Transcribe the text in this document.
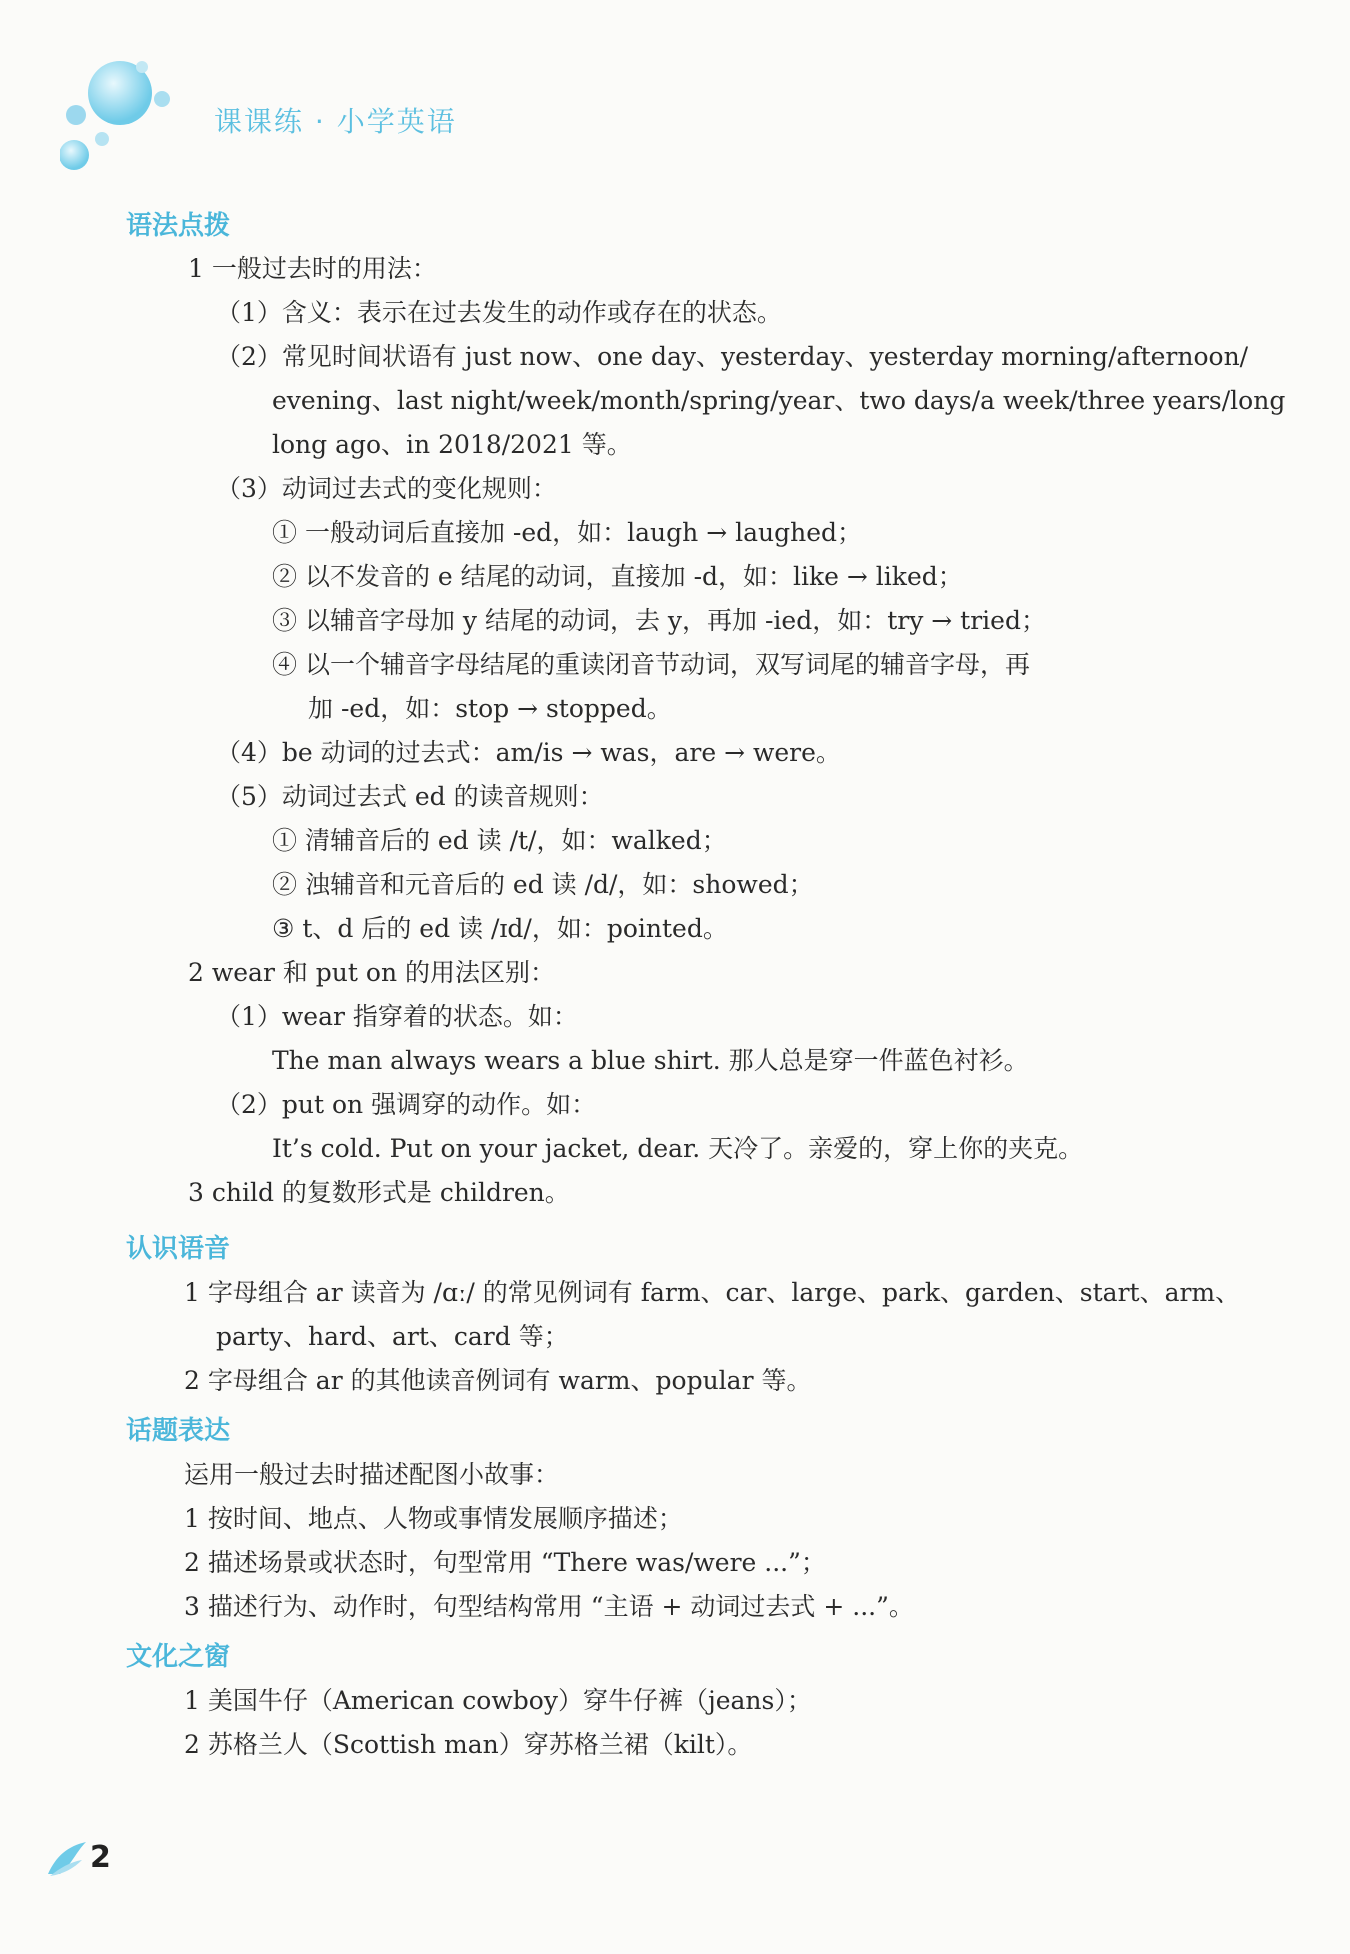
课课练 · 小学英语
语法点拨
1 一般过去时的用法：
（1）含义：表示在过去发生的动作或存在的状态。
（2）常见时间状语有 just now、one day、yesterday、yesterday morning/afternoon/
evening、last night/week/month/spring/year、two days/a week/three years/long
long ago、in 2018/2021 等。
（3）动词过去式的变化规则：
① 一般动词后直接加 -ed，如：laugh → laughed；
② 以不发音的 e 结尾的动词，直接加 -d，如：like → liked；
③ 以辅音字母加 y 结尾的动词，去 y，再加 -ied，如：try → tried；
④ 以一个辅音字母结尾的重读闭音节动词，双写词尾的辅音字母，再
加 -ed，如：stop → stopped。
（4）be 动词的过去式：am/is → was，are → were。
（5）动词过去式 ed 的读音规则：
① 清辅音后的 ed 读 /t/，如：walked；
② 浊辅音和元音后的 ed 读 /d/，如：showed；
③ t、d 后的 ed 读 /ɪd/，如：pointed。
2 wear 和 put on 的用法区别：
（1）wear 指穿着的状态。如：
The man always wears a blue shirt. 那人总是穿一件蓝色衬衫。
（2）put on 强调穿的动作。如：
It’s cold. Put on your jacket, dear. 天冷了。亲爱的，穿上你的夹克。
3 child 的复数形式是 children。
认识语音
1 字母组合 ar 读音为 /ɑː/ 的常见例词有 farm、car、large、park、garden、start、arm、
party、hard、art、card 等；
2 字母组合 ar 的其他读音例词有 warm、popular 等。
话题表达
运用一般过去时描述配图小故事：
1 按时间、地点、人物或事情发展顺序描述；
2 描述场景或状态时，句型常用 “There was/were ...”；
3 描述行为、动作时，句型结构常用 “主语 + 动词过去式 + ...”。
文化之窗
1 美国牛仔（American cowboy）穿牛仔裤（jeans）；
2 苏格兰人（Scottish man）穿苏格兰裙（kilt）。
2
